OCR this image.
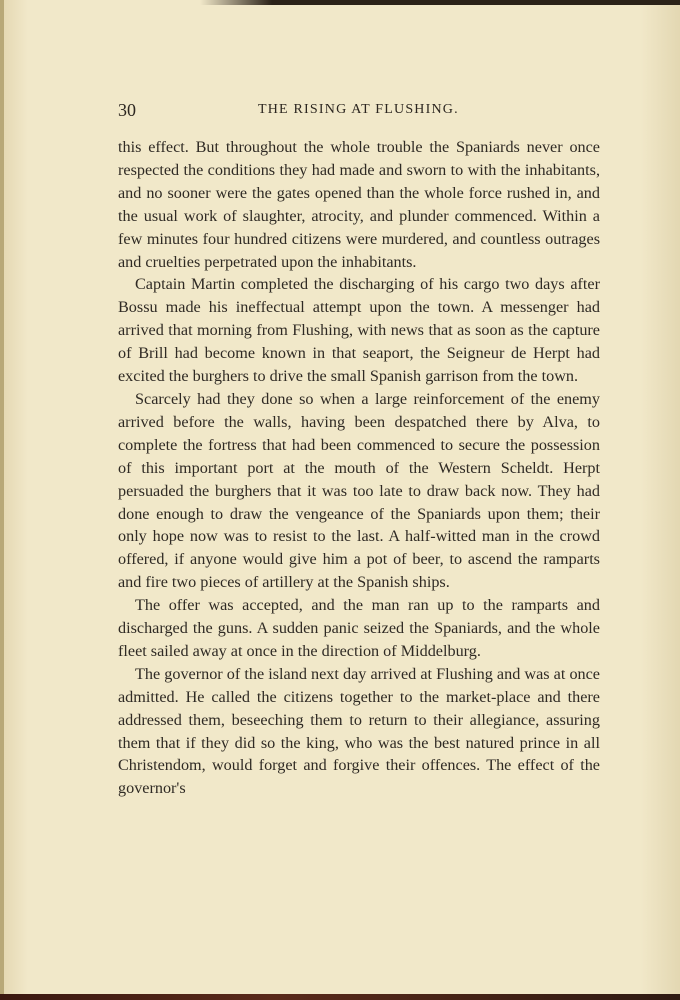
30	THE RISING AT FLUSHING.

this effect. But throughout the whole trouble the Spaniards never once respected the conditions they had made and sworn to with the inhabitants, and no sooner were the gates opened than the whole force rushed in, and the usual work of slaughter, atrocity, and plunder commenced. Within a few minutes four hundred citizens were murdered, and countless outrages and cruelties perpetrated upon the inhabitants.

Captain Martin completed the discharging of his cargo two days after Bossu made his ineffectual attempt upon the town. A messenger had arrived that morning from Flushing, with news that as soon as the capture of Brill had become known in that seaport, the Seigneur de Herpt had excited the burghers to drive the small Spanish garrison from the town.

Scarcely had they done so when a large reinforcement of the enemy arrived before the walls, having been despatched there by Alva, to complete the fortress that had been commenced to secure the possession of this important port at the mouth of the Western Scheldt. Herpt persuaded the burghers that it was too late to draw back now. They had done enough to draw the vengeance of the Spaniards upon them; their only hope now was to resist to the last. A half-witted man in the crowd offered, if anyone would give him a pot of beer, to ascend the ramparts and fire two pieces of artillery at the Spanish ships.

The offer was accepted, and the man ran up to the ramparts and discharged the guns. A sudden panic seized the Spaniards, and the whole fleet sailed away at once in the direction of Middelburg.

The governor of the island next day arrived at Flushing and was at once admitted. He called the citizens together to the market-place and there addressed them, beseeching them to return to their allegiance, assuring them that if they did so the king, who was the best natured prince in all Christendom, would forget and forgive their offences. The effect of the governor's
